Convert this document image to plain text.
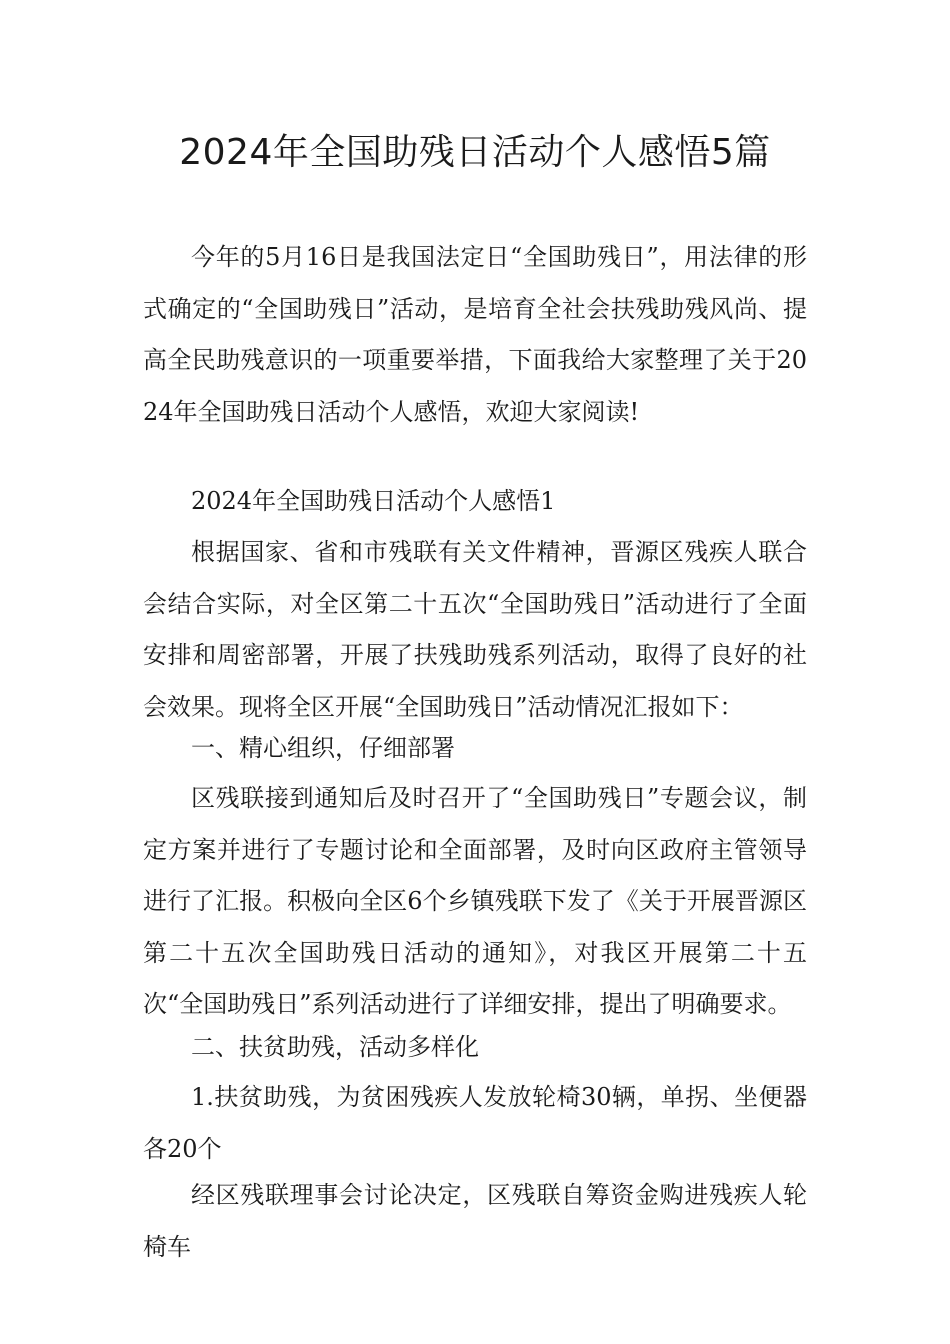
2024年全国助残日活动个人感悟5篇

今年的5月16日是我国法定日“全国助残日”，用法律的形式确定的“全国助残日”活动，是培育全社会扶残助残风尚、提高全民助残意识的一项重要举措，下面我给大家整理了关于2024年全国助残日活动个人感悟，欢迎大家阅读!

2024年全国助残日活动个人感悟1

根据国家、省和市残联有关文件精神，晋源区残疾人联合会结合实际，对全区第二十五次“全国助残日”活动进行了全面安排和周密部署，开展了扶残助残系列活动，取得了良好的社会效果。现将全区开展“全国助残日”活动情况汇报如下：

一、精心组织，仔细部署

区残联接到通知后及时召开了“全国助残日”专题会议，制定方案并进行了专题讨论和全面部署，及时向区政府主管领导进行了汇报。积极向全区6个乡镇残联下发了《关于开展晋源区第二十五次全国助残日活动的通知》，对我区开展第二十五次“全国助残日”系列活动进行了详细安排，提出了明确要求。

二、扶贫助残，活动多样化

1.扶贫助残，为贫困残疾人发放轮椅30辆，单拐、坐便器各20个

经区残联理事会讨论决定，区残联自筹资金购进残疾人轮椅车
